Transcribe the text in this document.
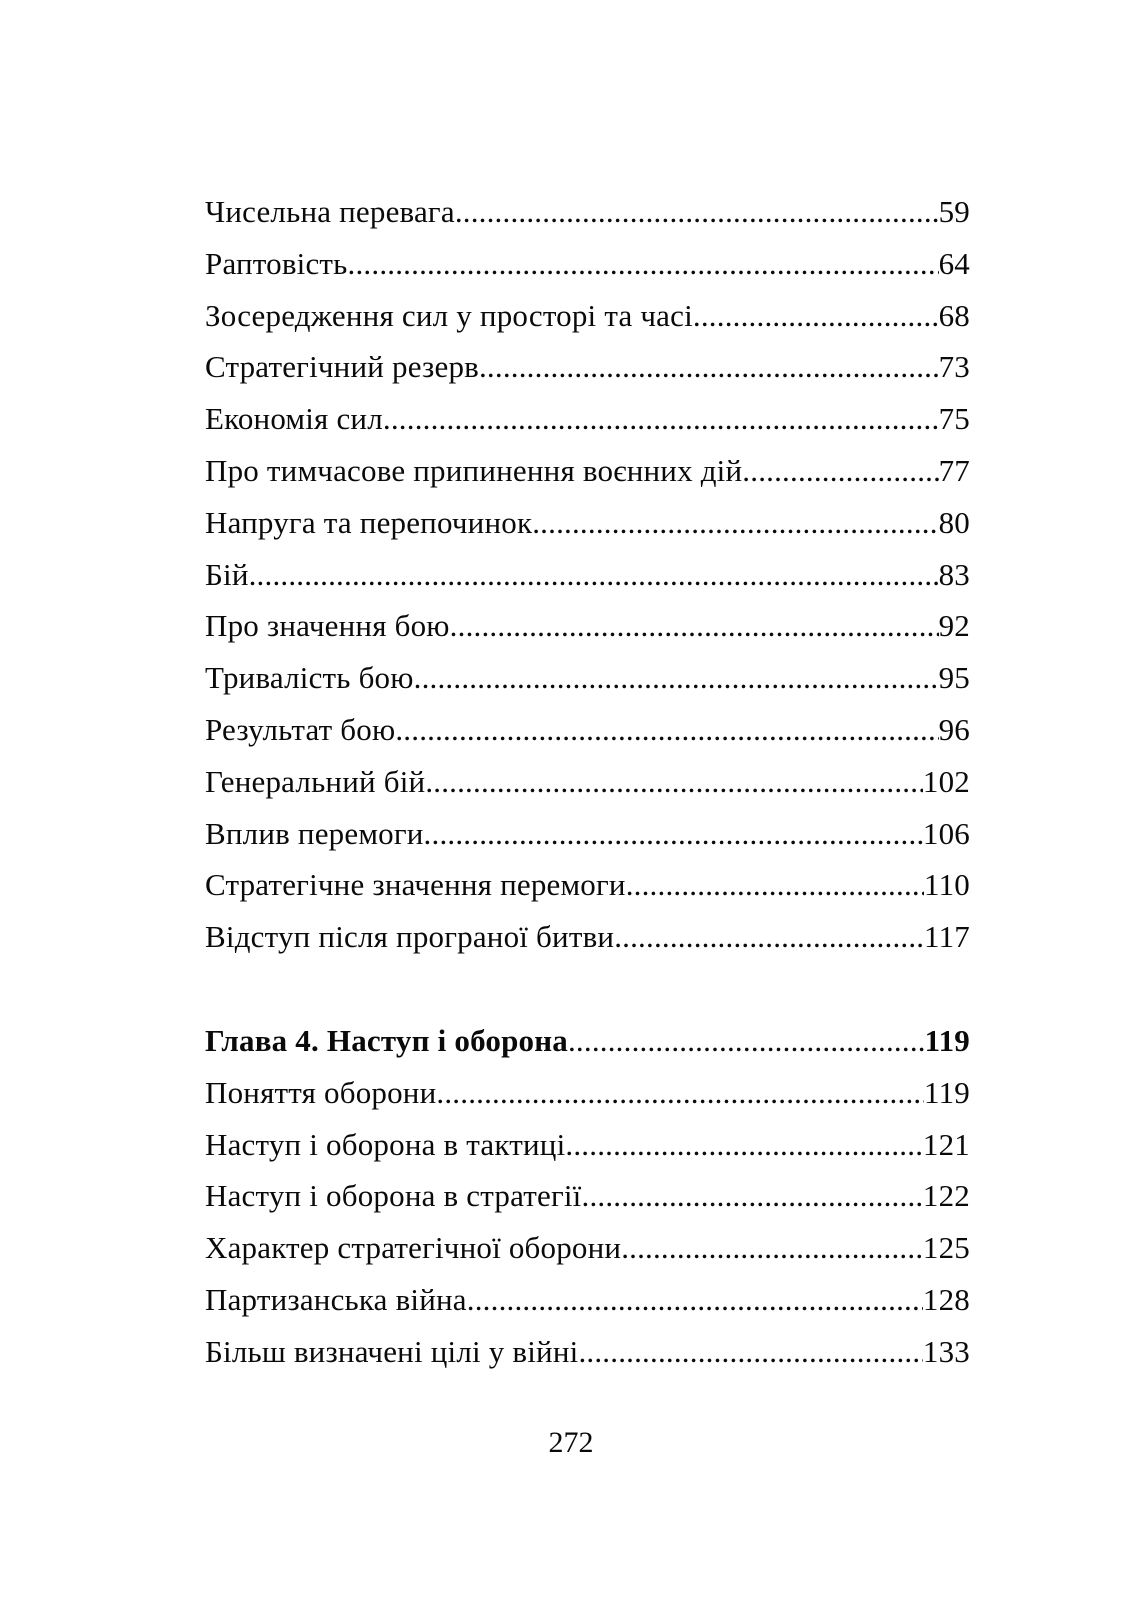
Чисельна перевага .....	59
Раптовість .....	64
Зосередження сил у просторі та часі .....	68
Стратегічний резерв .....	73
Економія сил .....	75
Про тимчасове припинення воєнних дій .....	77
Напруга та перепочинок .....	80
Бій .....	83
Про значення бою .....	92
Тривалість бою .....	95
Результат бою .....	96
Генеральний бій .....	102
Вплив перемоги .....	106
Стратегічне значення перемоги .....	110
Відступ після програної битви .....	117
Глава 4. Наступ і оборона .....	119
Поняття оборони .....	119
Наступ і оборона в тактиці .....	121
Наступ і оборона в стратегії .....	122
Характер стратегічної оборони .....	125
Партизанська війна .....	128
Більш визначені цілі у війні .....	133
272
